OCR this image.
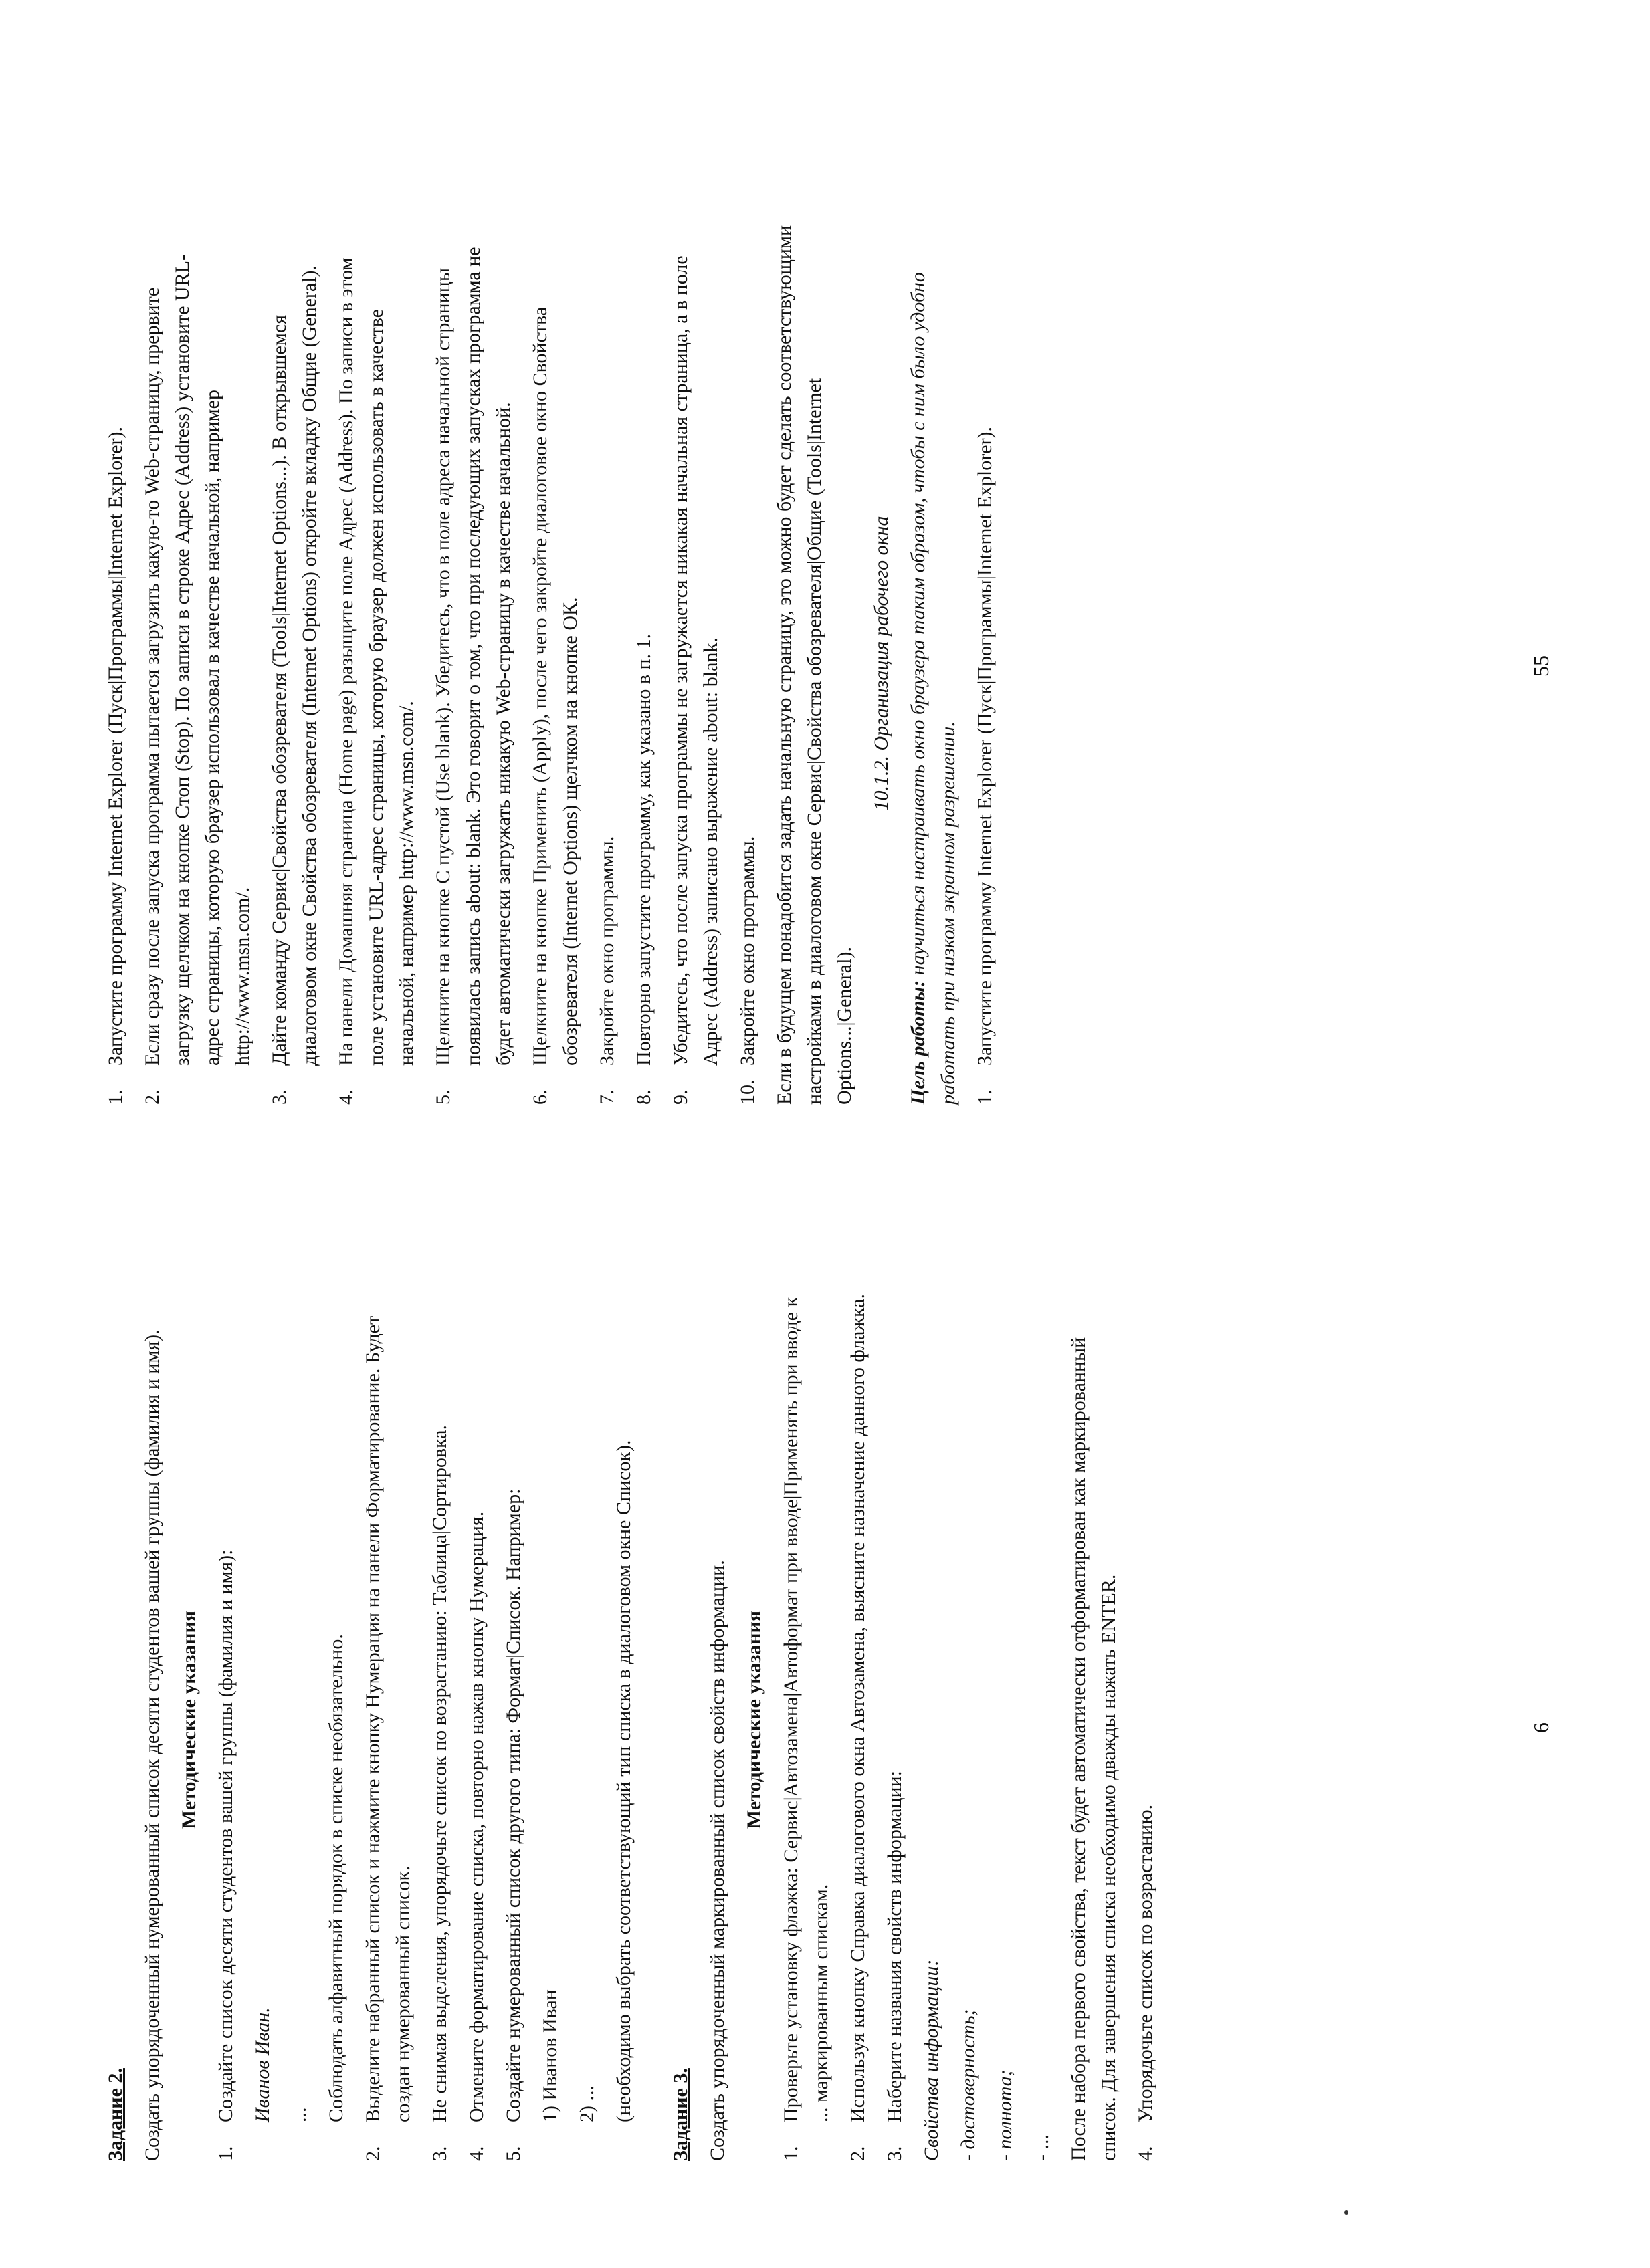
Задание 2. Создать упорядоченный нумерованный список десяти студентов вашей группы (фамилия и имя). Методические указания

1.
Создайте список десяти студентов вашей группы (фамилия и имя): Иванов Иван. ... Соблюдать алфавитный порядок в списке необязательно.
2.
Выделите набранный список и нажмите кнопку Нумерация на панели Форматирование. Будет создан нумерованный список.
3.
Не снимая выделения, упорядочьте список по возрастанию: Таблица|Сортировка.
4.
Отмените форматирование списка, повторно нажав кнопку Нумерация.
5.
Создайте нумерованный список другого типа: Формат|Список. Например: 1) Иванов Иван 2) ... (необходимо выбрать соответствующий тип списка в диалоговом окне Список). Задание 3. Создать упорядоченный маркированный список свойств информации. Методические указания

1.
Проверьте установку флажка: Сервис|Автозамена|Автоформат при вводе|Применять при вводе к ... маркированным спискам.
2.
Используя кнопку Справка диалогового окна Автозамена, выясните назначение данного флажка.
3.
Наберите названия свойств информации: Свойства информации: - достоверность; - полнота; - ... После набора первого свойства, текст будет автоматически отформатирован как маркированный список. Для завершения списка необходимо дважды нажать ENTER. 4.
Упорядочьте список по возрастанию.
6
1.
Запустите программу Internet Explorer (Пуск|Программы|Internet Explorer).
2.
Если сразу после запуска программа пытается загрузить какую-то Web-страницу, прервите загрузку щелчком на кнопке Стоп (Stop). По записи в строке Адрес (Address) установите URL-адрес страницы, которую браузер использовал в качестве начальной, например http://www.msn.com/.
3.
Дайте команду Сервис|Свойства обозревателя (Tools|Internet Options...). В открывшемся диалоговом окне Свойства обозревателя (Internet Options) откройте вкладку Общие (General).
4.
На панели Домашняя страница (Home page) разыщите поле Адрес (Address). По записи в этом поле установите URL-адрес страницы, которую браузер должен использовать в качестве начальной, например http://www.msn.com/.
5.
Щелкните на кнопке С пустой (Use blank). Убедитесь, что в поле адреса начальной страницы появилась запись about: blank. Это говорит о том, что при последующих запусках программа не будет автоматически загружать никакую Web-страницу в качестве начальной.
6.
Щелкните на кнопке Применить (Apply), после чего закройте диалоговое окно Свойства обозревателя (Internet Options) щелчком на кнопке ОК.
7.
Закройте окно программы.
8.
Повторно запустите программу, как указано в п. 1.
9.
Убедитесь, что после запуска программы не загружается никакая начальная страница, а в поле Адрес (Address) записано выражение about: blank.
10.
Закройте окно программы. Если в будущем понадобится задать начальную страницу, это можно будет сделать соответствующими настройками в диалоговом окне Сервис|Свойства обозревателя|Общие (Tools|Internet Options...|General).

10.1.2. Организация рабочего окна

Цель работы: научиться настраивать окно браузера таким образом, чтобы с ним было удобно работать при низком экранном разрешении. 1.
Запустите программу Internet Explorer (Пуск|Программы|Internet Explorer).	55
